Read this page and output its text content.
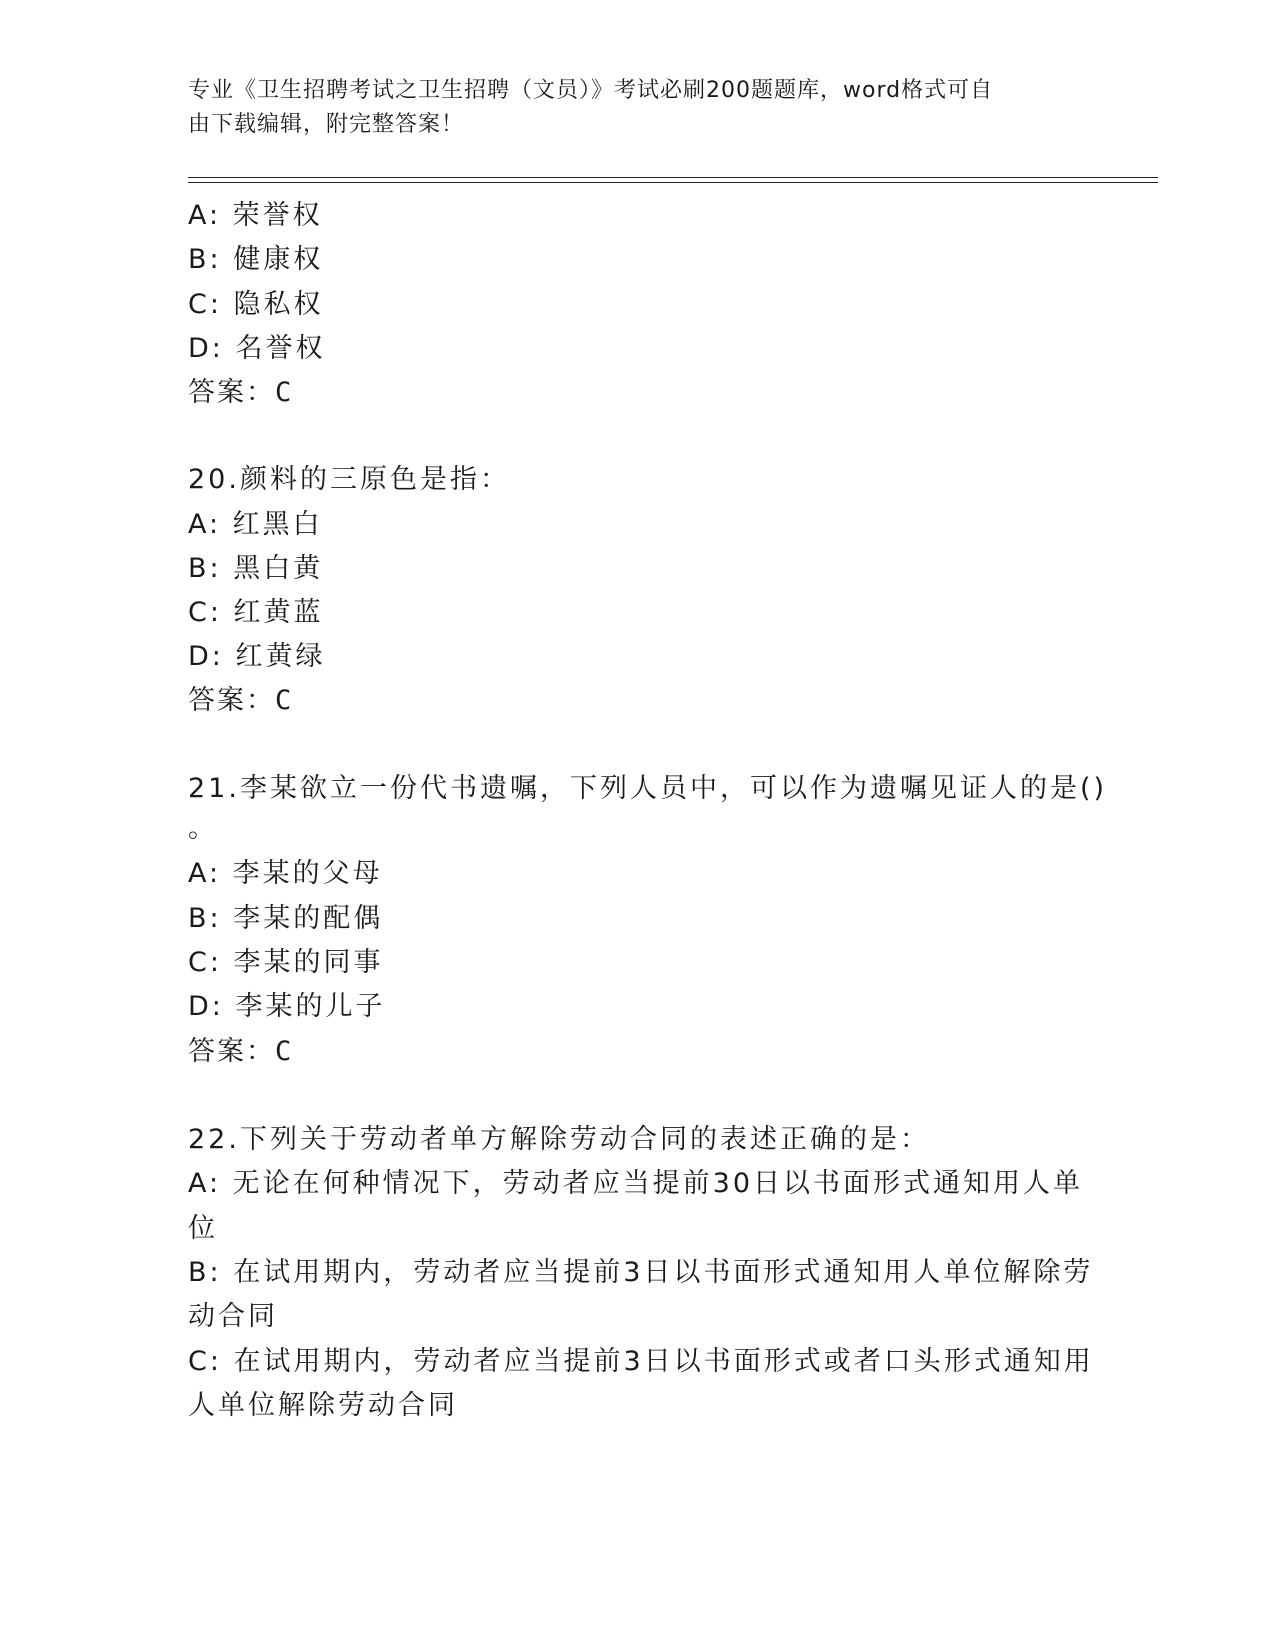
专业《卫生招聘考试之卫生招聘（文员）》考试必刷200题题库，word格式可自
由下载编辑，附完整答案！
A: 荣誉权
B: 健康权
C: 隐私权
D: 名誉权
答案：C
20.颜料的三原色是指：
A: 红黑白
B: 黑白黄
C: 红黄蓝
D: 红黄绿
答案：C
21.李某欲立一份代书遗嘱，下列人员中，可以作为遗嘱见证人的是()
。
A: 李某的父母
B: 李某的配偶
C: 李某的同事
D: 李某的儿子
答案：C
22.下列关于劳动者单方解除劳动合同的表述正确的是：
A: 无论在何种情况下，劳动者应当提前30日以书面形式通知用人单
位
B: 在试用期内，劳动者应当提前3日以书面形式通知用人单位解除劳
动合同
C: 在试用期内，劳动者应当提前3日以书面形式或者口头形式通知用
人单位解除劳动合同
